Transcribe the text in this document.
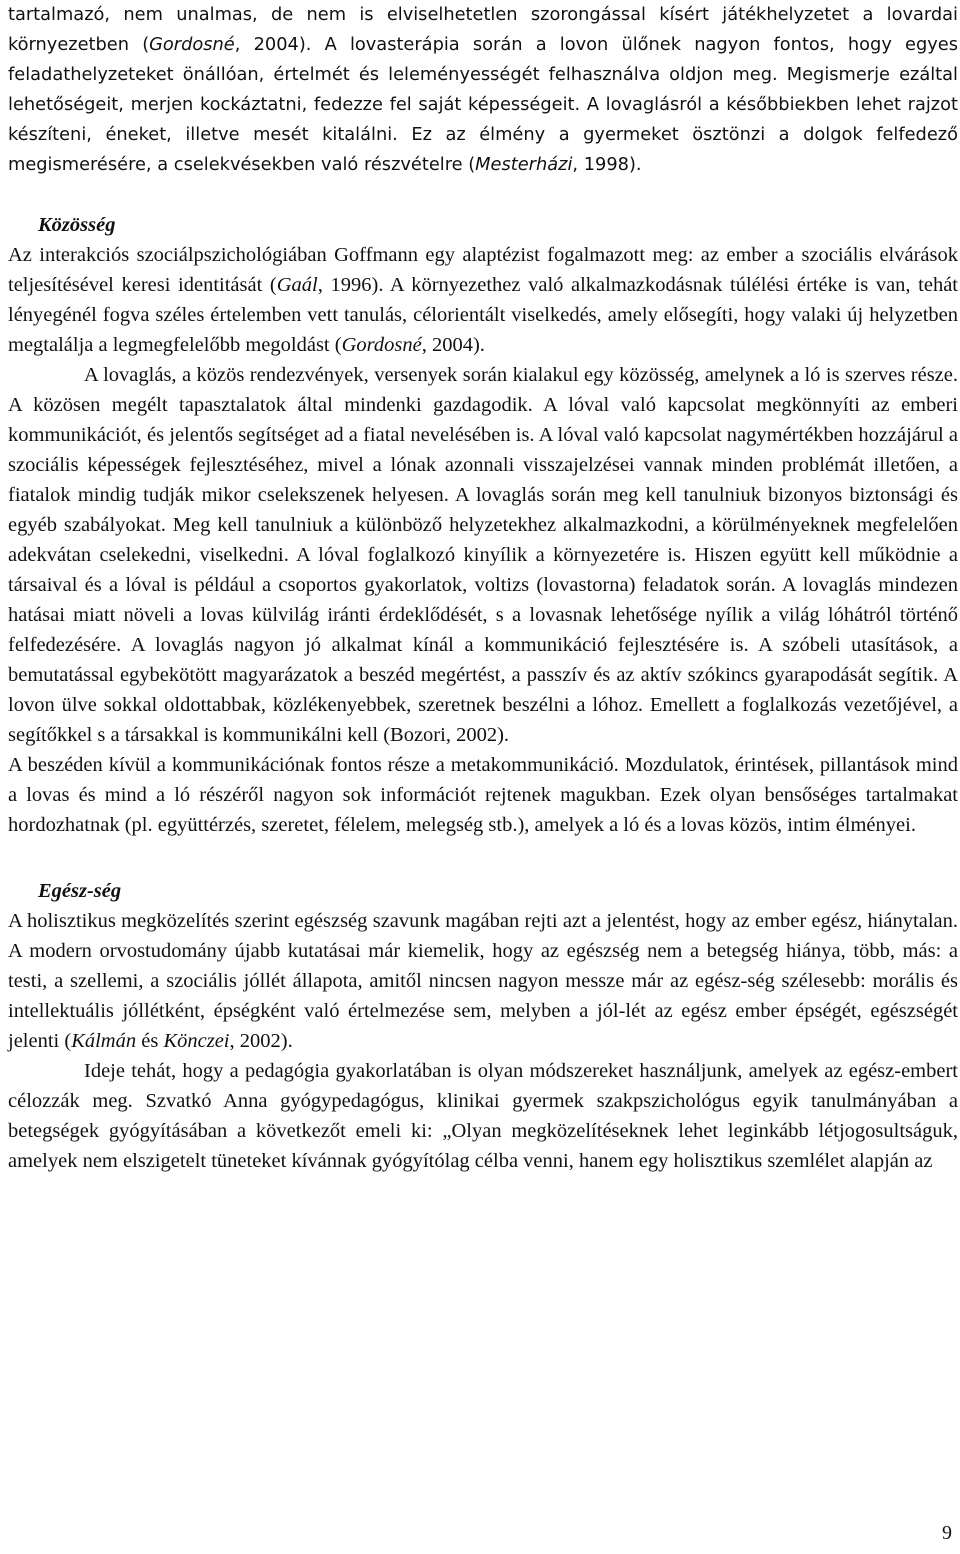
tartalmazó, nem unalmas, de nem is elviselhetetlen szorongással kísért játékhelyzetet a lovardai környezetben (Gordosné, 2004). A lovasterápia során a lovon ülőnek nagyon fontos, hogy egyes feladathelyzeteket önállóan, értelmét és leleményességét felhasználva oldjon meg. Megismerje ezáltal lehetőségeit, merjen kockáztatni, fedezze fel saját képességeit. A lovaglásról a későbbiekben lehet rajzot készíteni, éneket, illetve mesét kitalálni. Ez az élmény a gyermeket ösztönzi a dolgok felfedező megismerésére, a cselekvésekben való részvételre (Mesterházi, 1998).

Közösség

Az interakciós szociálpszichológiában Goffmann egy alaptézist fogalmazott meg: az ember a szociális elvárások teljesítésével keresi identitását (Gaál, 1996). A környezethez való alkalmazkodásnak túlélési értéke is van, tehát lényegénél fogva széles értelemben vett tanulás, célorientált viselkedés, amely elősegíti, hogy valaki új helyzetben megtalálja a legmegfelelőbb megoldást (Gordosné, 2004).

A lovaglás, a közös rendezvények, versenyek során kialakul egy közösség, amelynek a ló is szerves része. A közösen megélt tapasztalatok által mindenki gazdagodik. A lóval való kapcsolat megkönnyíti az emberi kommunikációt, és jelentős segítséget ad a fiatal nevelésében is. A lóval való kapcsolat nagymértékben hozzájárul a szociális képességek fejlesztéséhez, mivel a lónak azonnali visszajelzései vannak minden problémát illetően, a fiatalok mindig tudják mikor cselekszenek helyesen. A lovaglás során meg kell tanulniuk bizonyos biztonsági és egyéb szabályokat. Meg kell tanulniuk a különböző helyzetekhez alkalmazkodni, a körülményeknek megfelelően adekvátan cselekedni, viselkedni. A lóval foglalkozó kinyílik a környezetére is. Hiszen együtt kell működnie a társaival és a lóval is például a csoportos gyakorlatok, voltizs (lovastorna) feladatok során. A lovaglás mindezen hatásai miatt növeli a lovas külvilág iránti érdeklődését, s a lovasnak lehetősége nyílik a világ lóhátról történő felfedezésére. A lovaglás nagyon jó alkalmat kínál a kommunikáció fejlesztésére is. A szóbeli utasítások, a bemutatással egybekötött magyarázatok a beszéd megértést, a passzív és az aktív szókincs gyarapodását segítik. A lovon ülve sokkal oldottabbak, közlékenyebbek, szeretnek beszélni a lóhoz. Emellett a foglalkozás vezetőjével, a segítőkkel s a társakkal is kommunikálni kell (Bozori, 2002).

A beszéden kívül a kommunikációnak fontos része a metakommunikáció. Mozdulatok, érintések, pillantások mind a lovas és mind a ló részéről nagyon sok információt rejtenek magukban. Ezek olyan bensőséges tartalmakat hordozhatnak (pl. együttérzés, szeretet, félelem, melegség stb.), amelyek a ló és a lovas közös, intim élményei.

Egész-ség

A holisztikus megközelítés szerint egészség szavunk magában rejti azt a jelentést, hogy az ember egész, hiánytalan. A modern orvostudomány újabb kutatásai már kiemelik, hogy az egészség nem a betegség hiánya, több, más: a testi, a szellemi, a szociális jóllét állapota, amitől nincsen nagyon messze már az egész-ség szélesebb: morális és intellektuális jóllétként, épségként való értelmezése sem, melyben a jól-lét az egész ember épségét, egészségét jelenti (Kálmán és Könczei, 2002).

Ideje tehát, hogy a pedagógia gyakorlatában is olyan módszereket használjunk, amelyek az egész-embert célozzák meg. Szvatkó Anna gyógypedagógus, klinikai gyermek szakpszichológus egyik tanulmányában a betegségek gyógyításában a következőt emeli ki: „Olyan megközelítéseknek lehet leginkább létjogosultságuk, amelyek nem elszigetelt tüneteket kívánnak gyógyítólag célba venni, hanem egy holisztikus szemlélet alapján az

9
